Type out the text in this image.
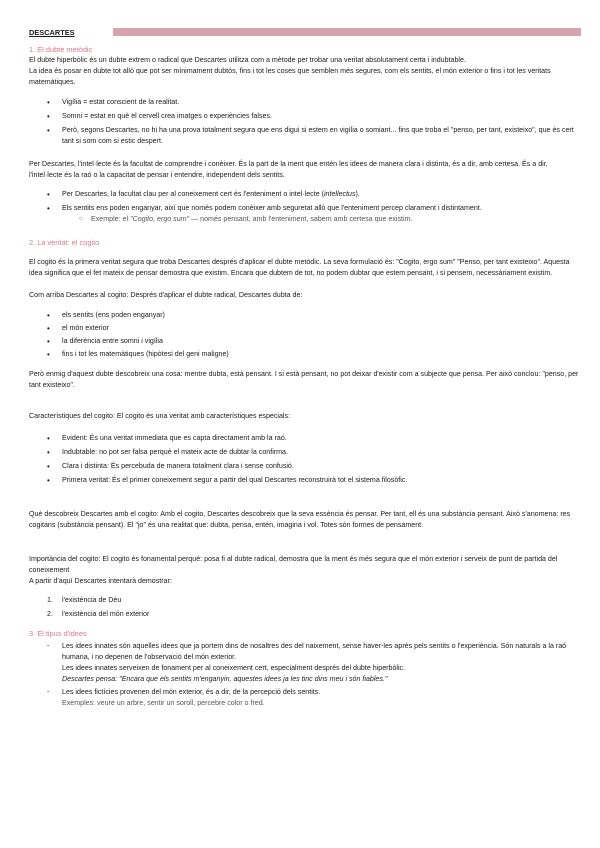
DESCARTES
1. El dubte metòdic

El dubte hiperbòlic és un dubte extrem o radical que Descartes utilitza com a mètode per trobar una veritat absolutament certa i indubtable.

La idea és posar en dubte tot allò que pot ser mínimament dubtós, fins i tot les coses que semblen més segures, com els sentits, el món exterior o fins i tot les veritats matemàtiques.

• Vigília = estat conscient de la realitat.
• Somni = estat en què el cervell crea imatges o experiències falses.
• Però, segons Descartes, no hi ha una prova totalment segura que ens digui si estem en vigília o somiant... fins que troba el "penso, per tant, existeixo", que és cert tant si som com si estic despert.

Per Descartes, l'intel·lecte és la facultat de comprendre i conèixer. És la part de la ment que entén les idees de manera clara i distinta, és a dir, amb certesa. És a dir, l'intel·lecte és la raó o la capacitat de pensar i entendre, independent dels sentits.

• Per Descartes, la facultat clau per al coneixement cert és l'enteniment o intel·lecte (intellectus).
• Els sentits ens poden enganyar, així que només podem conèixer amb seguretat allò que l'enteniment percep clarament i distintament.
○ Exemple: el "Cogito, ergo sum" — només pensant, amb l'enteniment, sabem amb certesa que existim.
2. La veritat: el cogito

El cogito és la primera veritat segura que troba Descartes després d'aplicar el dubte metòdic. La seva formulació és: "Cogito, ergo sum" "Penso, per tant existeixo". Aquesta idea significa que el fet mateix de pensar demostra que existim. Encara que dubtem de tot, no podem dubtar que estem pensant, i si pensem, necessàriament existim.

Com arriba Descartes al cogito: Després d'aplicar el dubte radical, Descartes dubta de:

• els sentits (ens poden enganyar)
• el món exterior
• la diferència entre somni i vigília
• fins i tot les matemàtiques (hipòtesi del geni maligne)

Però enmig d'aquest dubte descobreix una cosa: mentre dubta, està pensant. I si està pensant, no pot deixar d'existir com a subjecte que pensa. Per això conclou: "penso, per tant existeixo".

Característiques del cogito: El cogito és una veritat amb característiques especials:

• Evident: És una veritat immediata que es capta directament amb la raó.
• Indubtable: no pot ser falsa perquè el mateix acte de dubtar la confirma.
• Clara i distinta: És percebuda de manera totalment clara i sense confusió.
• Primera veritat: És el primer coneixement segur a partir del qual Descartes reconstruirà tot el sistema filosòfic.

Què descobreix Descartes amb el cogito: Amb el cogito, Descartes descobreix que la seva essència és pensar. Per tant, ell és una substància pensant. Això s'anomena: res cogitans (substància pensant). El "jo" és una realitat que: dubta, pensa, entén, imagina i vol. Totes són formes de pensament.

Importància del cogito: El cogito és fonamental perquè: posa fi al dubte radical, demostra que la ment és més segura que el món exterior i serveix de punt de partida del coneixement

A partir d'aquí Descartes intentarà demostrar:

1. l'existència de Déu
2. l'existència del món exterior
3. El tipus d'idees
- Les idees innates són aquelles idees que ja portem dins de nosaltres des del naixement, sense haver-les après pels sentits o l'experiència. Són naturals a la raó humana, i no depenen de l'observació del món exterior.

Les idees innates serveixen de fonament per al coneixement cert, especialment després del dubte hiperbòlic.

Descartes pensa: "Encara que els sentits m'enganyin, aquestes idees ja les tinc dins meu i són fiables."

- Les idees fictícies provenen del món exterior, és a dir, de la percepció dels sentits.

Exemples: veure un arbre, sentir un soroll, percebre color o fred.
